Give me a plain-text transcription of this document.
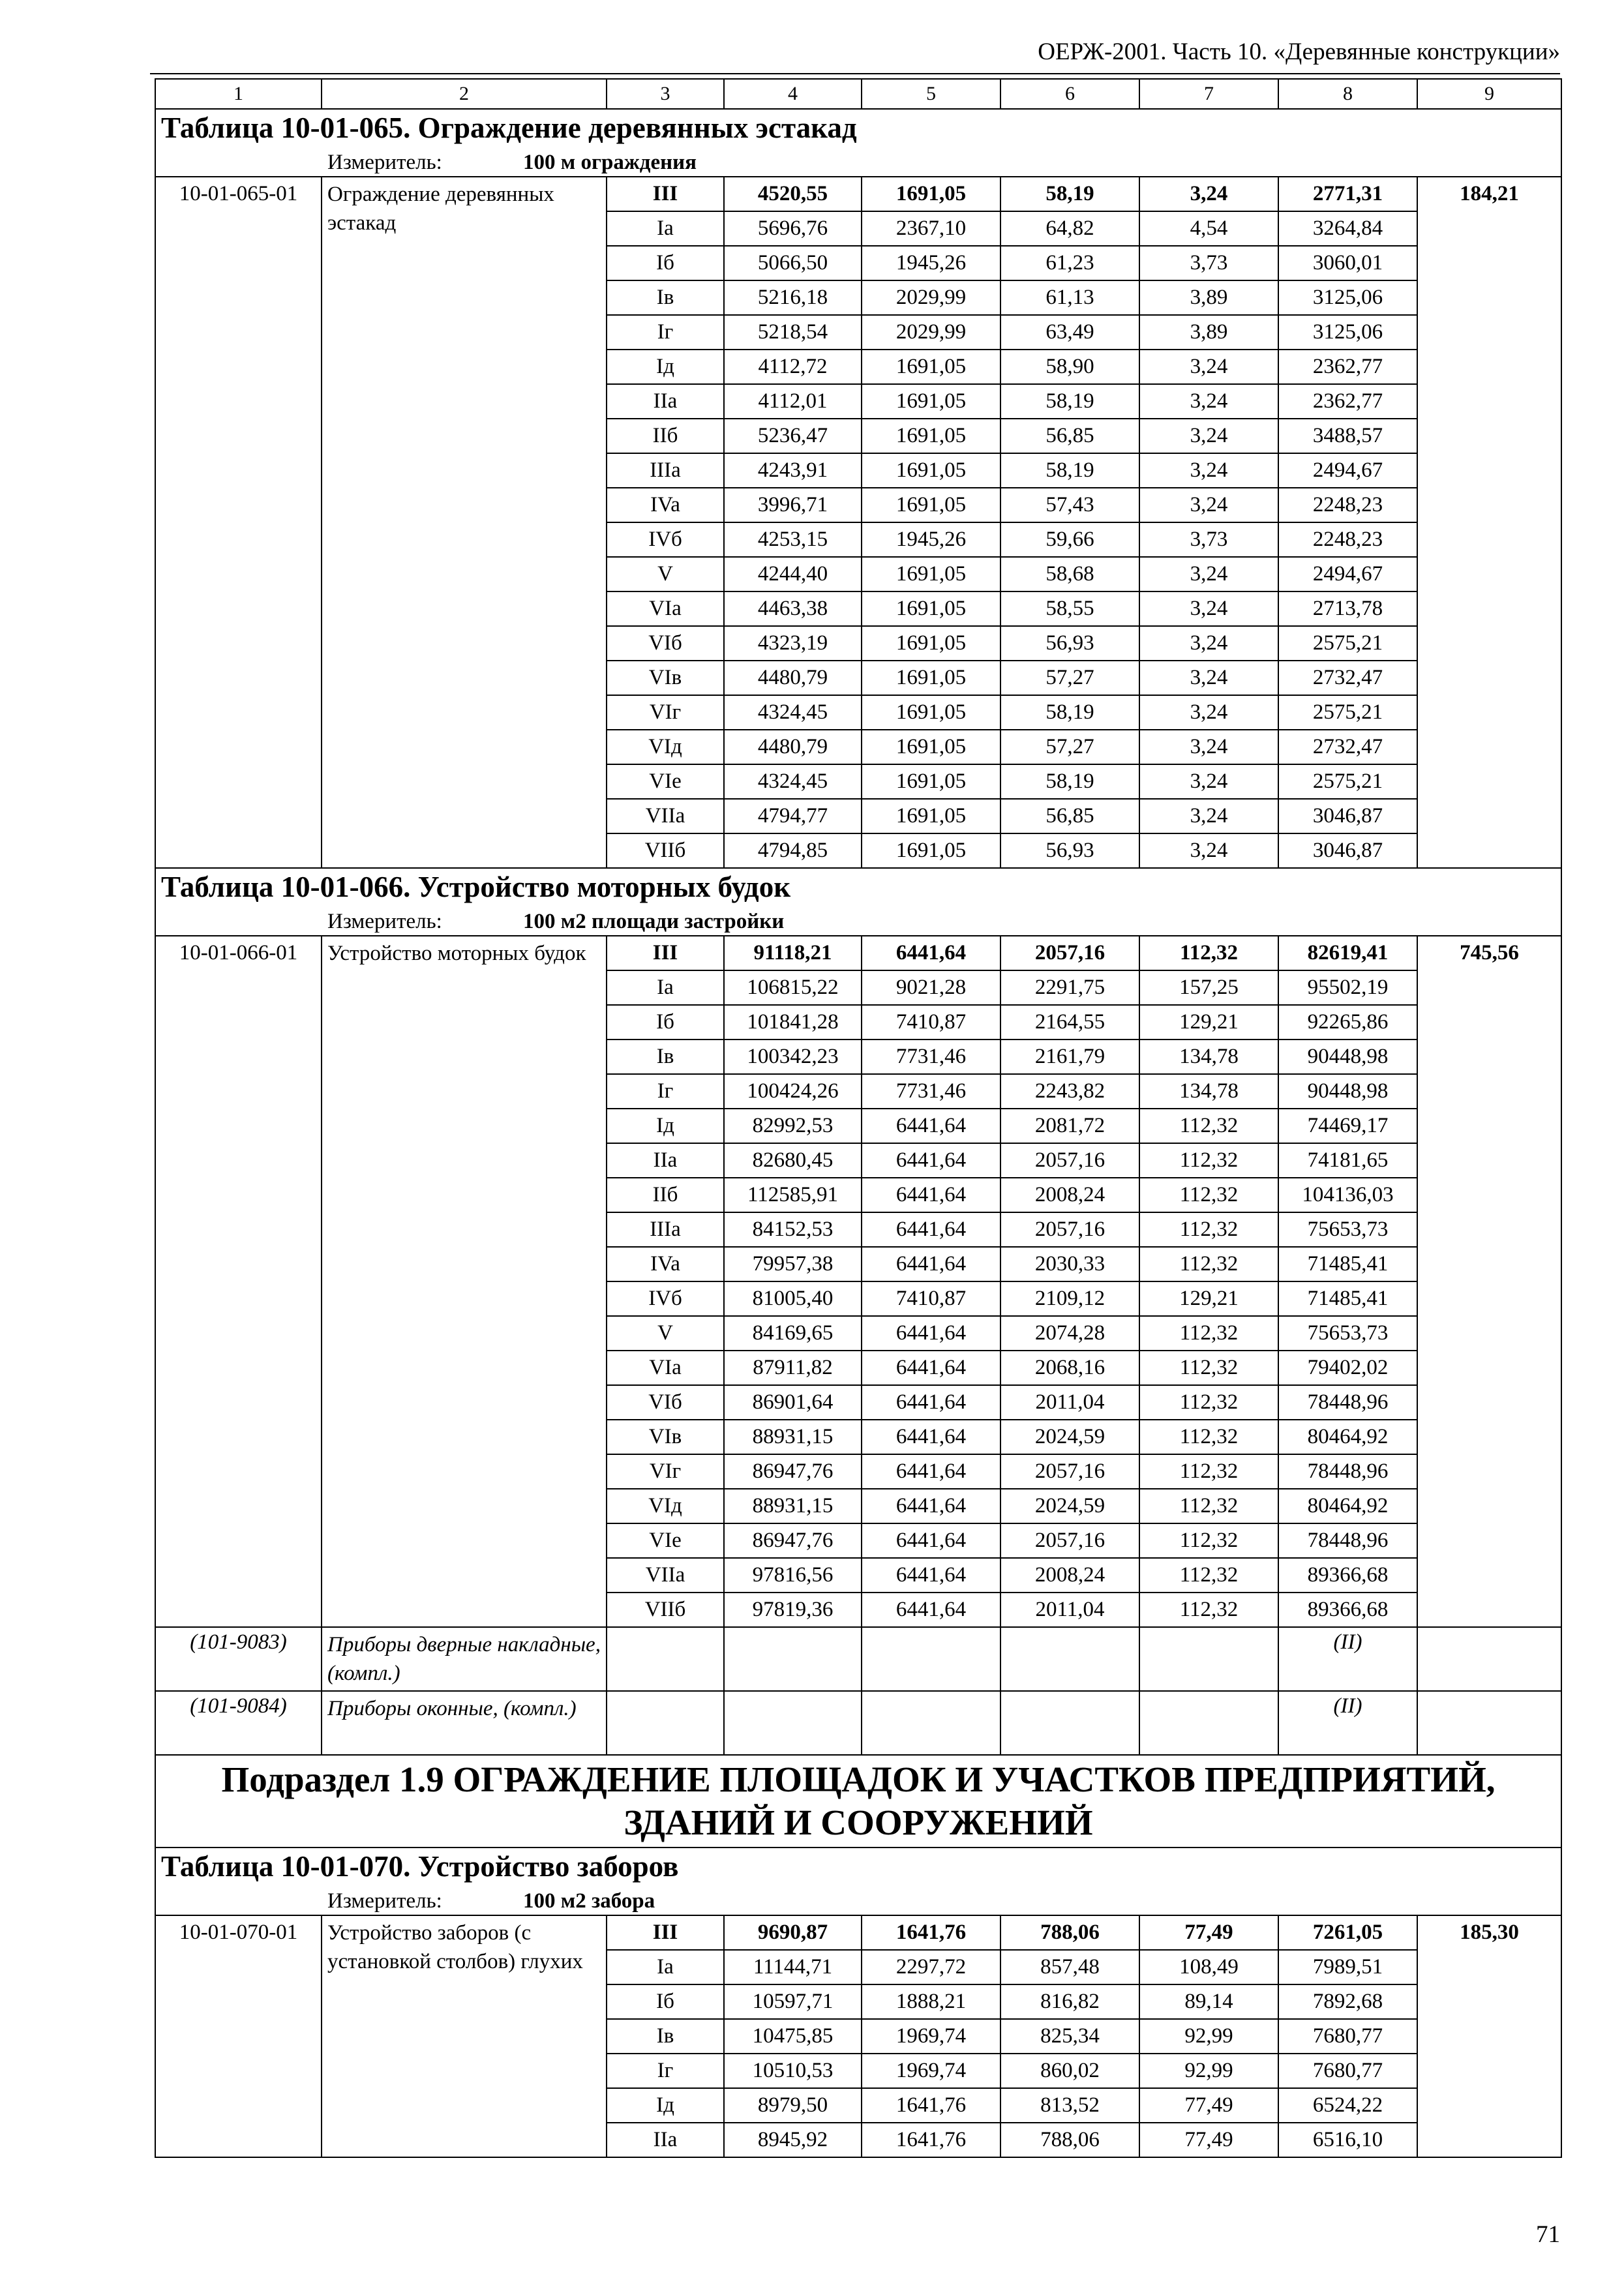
ОЕРЖ-2001. Часть 10. «Деревянные конструкции»
1	2	3	4	5	6	7	8	9
Таблица 10-01-065. Ограждение деревянных эстакад								
Измеритель: 100 м ограждения								
10-01-065-01	Ограждение деревянных эстакад	III	4520,55	1691,05	58,19	3,24	2771,31	184,21
		Ia	5696,76	2367,10	64,82	4,54	3264,84	
		Iб	5066,50	1945,26	61,23	3,73	3060,01	
		Iв	5216,18	2029,99	61,13	3,89	3125,06	
		Iг	5218,54	2029,99	63,49	3,89	3125,06	
		Iд	4112,72	1691,05	58,90	3,24	2362,77	
		IIa	4112,01	1691,05	58,19	3,24	2362,77	
		IIб	5236,47	1691,05	56,85	3,24	3488,57	
		IIIa	4243,91	1691,05	58,19	3,24	2494,67	
		IVa	3996,71	1691,05	57,43	3,24	2248,23	
		IVб	4253,15	1945,26	59,66	3,73	2248,23	
		V	4244,40	1691,05	58,68	3,24	2494,67	
		VIa	4463,38	1691,05	58,55	3,24	2713,78	
		VIб	4323,19	1691,05	56,93	3,24	2575,21	
		VIв	4480,79	1691,05	57,27	3,24	2732,47	
		VIг	4324,45	1691,05	58,19	3,24	2575,21	
		VIд	4480,79	1691,05	57,27	3,24	2732,47	
		VIe	4324,45	1691,05	58,19	3,24	2575,21	
		VIIa	4794,77	1691,05	56,85	3,24	3046,87	
		VIIб	4794,85	1691,05	56,93	3,24	3046,87	
Таблица 10-01-066. Устройство моторных будок								
Измеритель: 100 м2 площади застройки								
10-01-066-01	Устройство моторных будок	III	91118,21	6441,64	2057,16	112,32	82619,41	745,56
		Ia	106815,22	9021,28	2291,75	157,25	95502,19	
		Iб	101841,28	7410,87	2164,55	129,21	92265,86	
		Iв	100342,23	7731,46	2161,79	134,78	90448,98	
		Iг	100424,26	7731,46	2243,82	134,78	90448,98	
		Iд	82992,53	6441,64	2081,72	112,32	74469,17	
		IIa	82680,45	6441,64	2057,16	112,32	74181,65	
		IIб	112585,91	6441,64	2008,24	112,32	104136,03	
		IIIa	84152,53	6441,64	2057,16	112,32	75653,73	
		IVa	79957,38	6441,64	2030,33	112,32	71485,41	
		IVб	81005,40	7410,87	2109,12	129,21	71485,41	
		V	84169,65	6441,64	2074,28	112,32	75653,73	
		VIa	87911,82	6441,64	2068,16	112,32	79402,02	
		VIб	86901,64	6441,64	2011,04	112,32	78448,96	
		VIв	88931,15	6441,64	2024,59	112,32	80464,92	
		VIг	86947,76	6441,64	2057,16	112,32	78448,96	
		VIд	88931,15	6441,64	2024,59	112,32	80464,92	
		VIe	86947,76	6441,64	2057,16	112,32	78448,96	
		VIIa	97816,56	6441,64	2008,24	112,32	89366,68	
		VIIб	97819,36	6441,64	2011,04	112,32	89366,68	
(101-9083)	Приборы дверные накладные, (компл.)						(II)	
(101-9084)	Приборы оконные, (компл.)						(II)	
Подраздел 1.9 ОГРАЖДЕНИЕ ПЛОЩАДОК И УЧАСТКОВ ПРЕДПРИЯТИЙ, ЗДАНИЙ И СООРУЖЕНИЙ								
Таблица 10-01-070. Устройство заборов								
Измеритель: 100 м2 забора								
10-01-070-01	Устройство заборов (с установкой столбов) глухих	III	9690,87	1641,76	788,06	77,49	7261,05	185,30
		Ia	11144,71	2297,72	857,48	108,49	7989,51	
		Iб	10597,71	1888,21	816,82	89,14	7892,68	
		Iв	10475,85	1969,74	825,34	92,99	7680,77	
		Iг	10510,53	1969,74	860,02	92,99	7680,77	
		Iд	8979,50	1641,76	813,52	77,49	6524,22	
		IIa	8945,92	1641,76	788,06	77,49	6516,10	
71
